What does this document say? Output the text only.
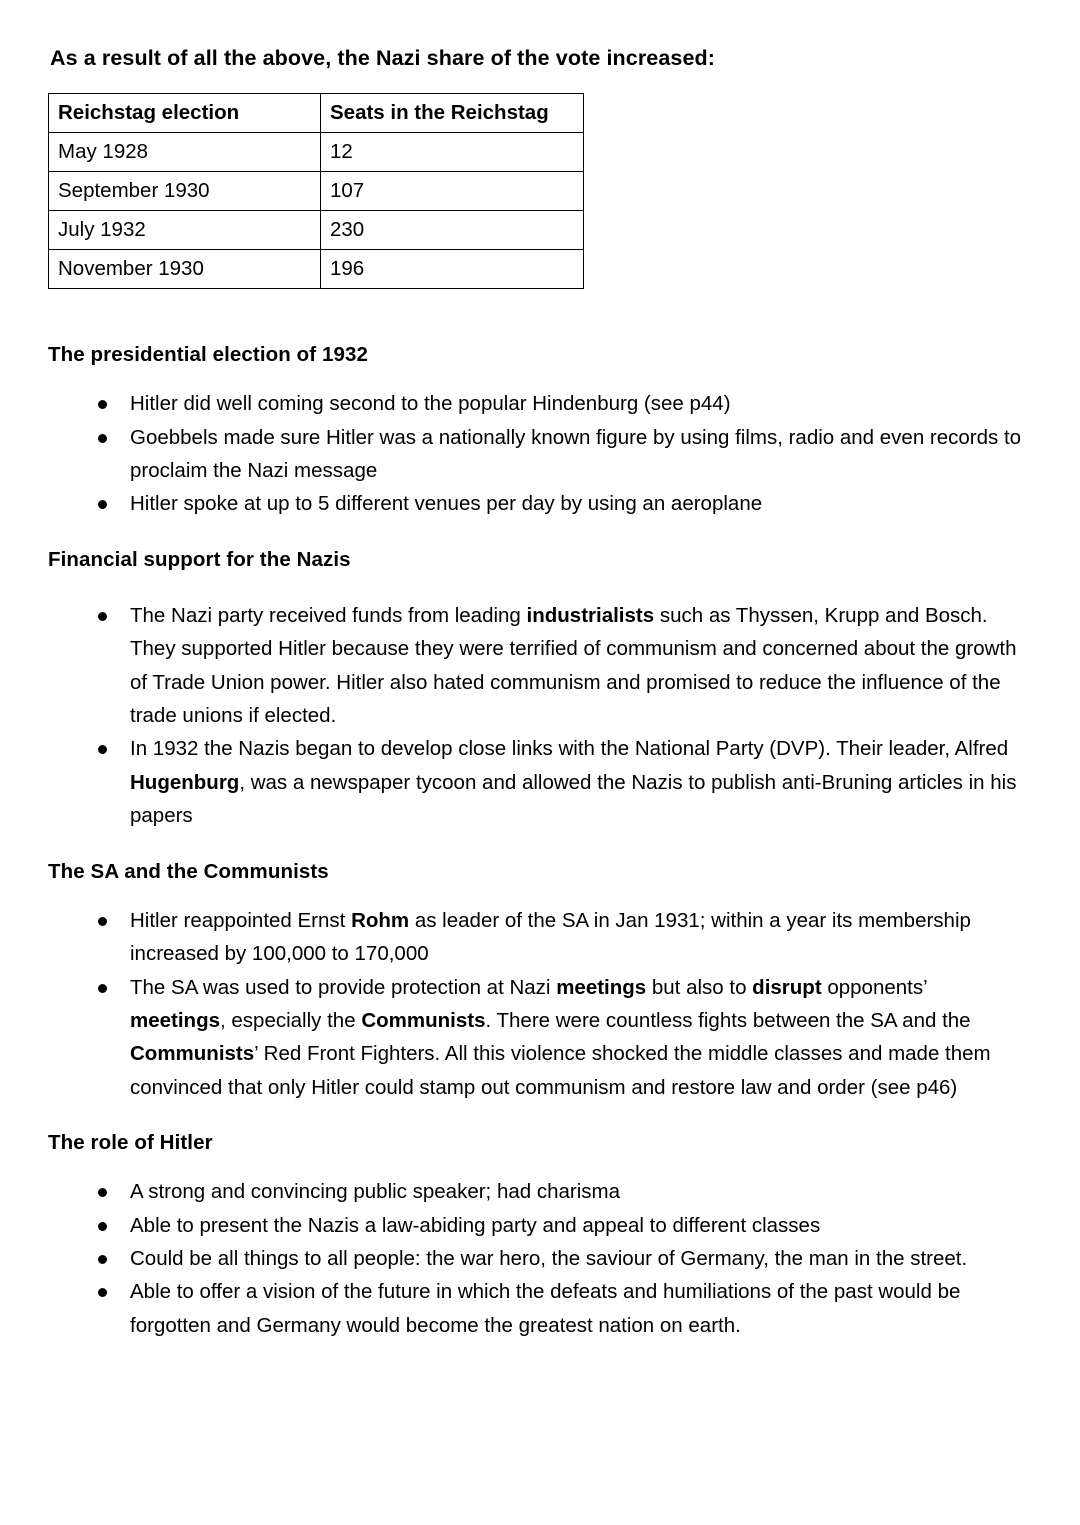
As a result of all the above, the Nazi share of the vote increased:
Reichstag election	Seats in the Reichstag
May 1928	12
September 1930	107
July 1932	230
November 1930	196
The presidential election of 1932
Hitler did well coming second to the popular Hindenburg (see p44)
Goebbels made sure Hitler was a nationally known figure by using films, radio and even records to proclaim the Nazi message
Hitler spoke at up to 5 different venues per day by using an aeroplane
Financial support for the Nazis
The Nazi party received funds from leading industrialists such as Thyssen, Krupp and Bosch. They supported Hitler because they were terrified of communism and concerned about the growth of Trade Union power. Hitler also hated communism and promised to reduce the influence of the trade unions if elected.
In 1932 the Nazis began to develop close links with the National Party (DVP). Their leader, Alfred Hugenburg, was a newspaper tycoon and allowed the Nazis to publish anti-Bruning articles in his papers
The SA and the Communists
Hitler reappointed Ernst Rohm as leader of the SA in Jan 1931; within a year its membership increased by 100,000 to 170,000
The SA was used to provide protection at Nazi meetings but also to disrupt opponents’ meetings, especially the Communists. There were countless fights between the SA and the Communists’ Red Front Fighters. All this violence shocked the middle classes and made them convinced that only Hitler could stamp out communism and restore law and order (see p46)
The role of Hitler
A strong and convincing public speaker; had charisma
Able to present the Nazis a law-abiding party and appeal to different classes
Could be all things to all people: the war hero, the saviour of Germany, the man in the street.
Able to offer a vision of the future in which the defeats and humiliations of the past would be forgotten and Germany would become the greatest nation on earth.
